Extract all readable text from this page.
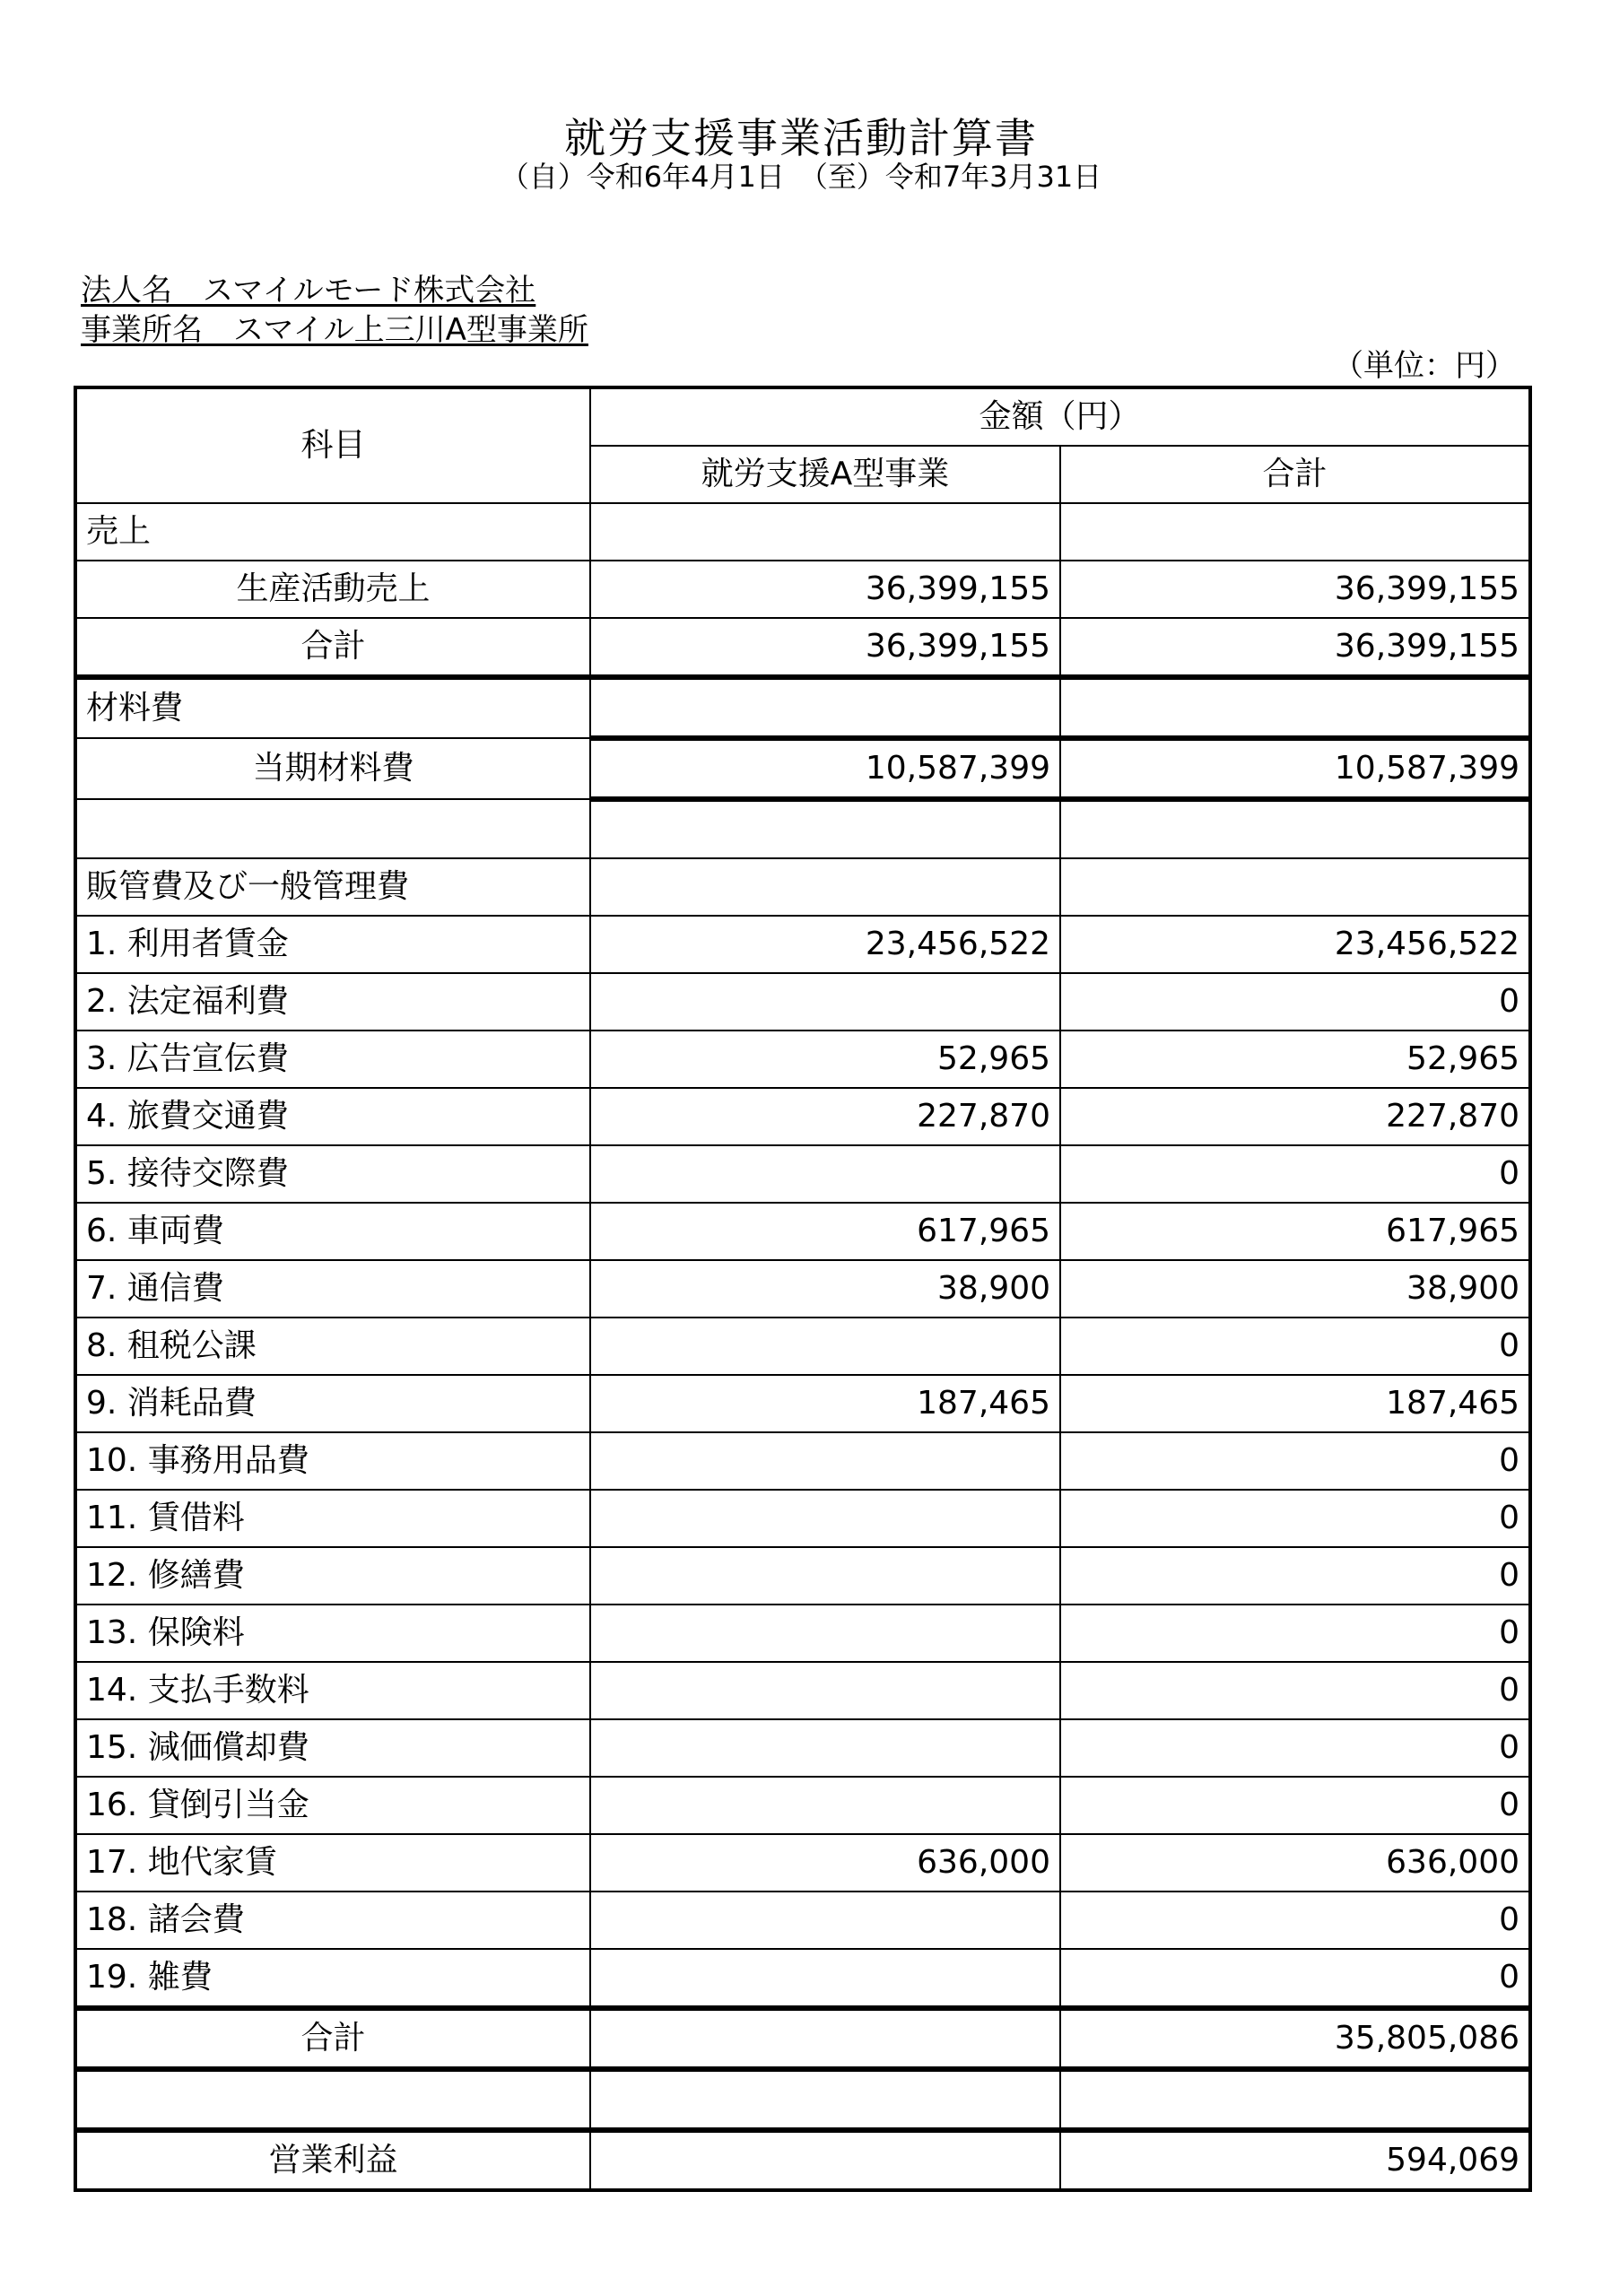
就労支援事業活動計算書
（自）令和6年4月1日　（至）令和7年3月31日
法人名　スマイルモード株式会社
事業所名　スマイル上三川A型事業所
（単位：円）
科目	金額（円）	
	就労支援A型事業	合計
売上		
生産活動売上	36,399,155	36,399,155
合計	36,399,155	36,399,155
材料費		
当期材料費	10,587,399	10,587,399

販管費及び一般管理費		
1. 利用者賃金	23,456,522	23,456,522
2. 法定福利費		0
3. 広告宣伝費	52,965	52,965
4. 旅費交通費	227,870	227,870
5. 接待交際費		0
6. 車両費	617,965	617,965
7. 通信費	38,900	38,900
8. 租税公課		0
9. 消耗品費	187,465	187,465
10. 事務用品費		0
11. 賃借料		0
12. 修繕費		0
13. 保険料		0
14. 支払手数料		0
15. 減価償却費		0
16. 貸倒引当金		0
17. 地代家賃	636,000	636,000
18. 諸会費		0
19. 雑費		0
合計		35,805,086

営業利益		594,069
